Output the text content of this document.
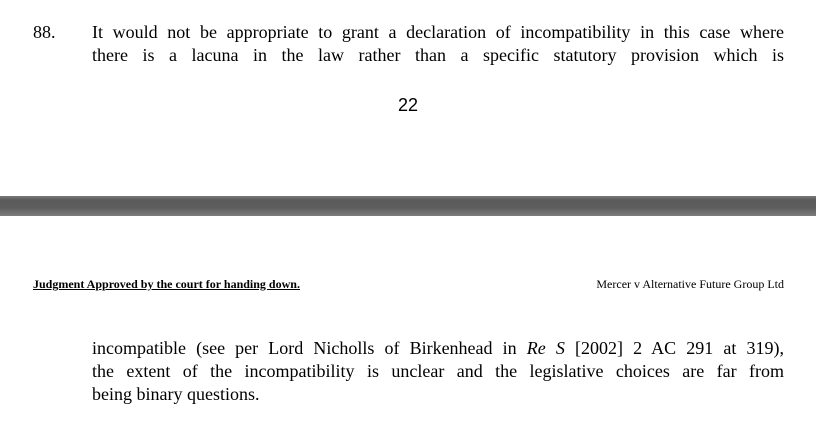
88. It would not be appropriate to grant a declaration of incompatibility in this case where
there is a lacuna in the law rather than a specific statutory provision which is
22
Judgment Approved by the court for handing down.	Mercer v Alternative Future Group Ltd
incompatible (see per Lord Nicholls of Birkenhead in Re S [2002] 2 AC 291 at 319),
the extent of the incompatibility is unclear and the legislative choices are far from
being binary questions.
